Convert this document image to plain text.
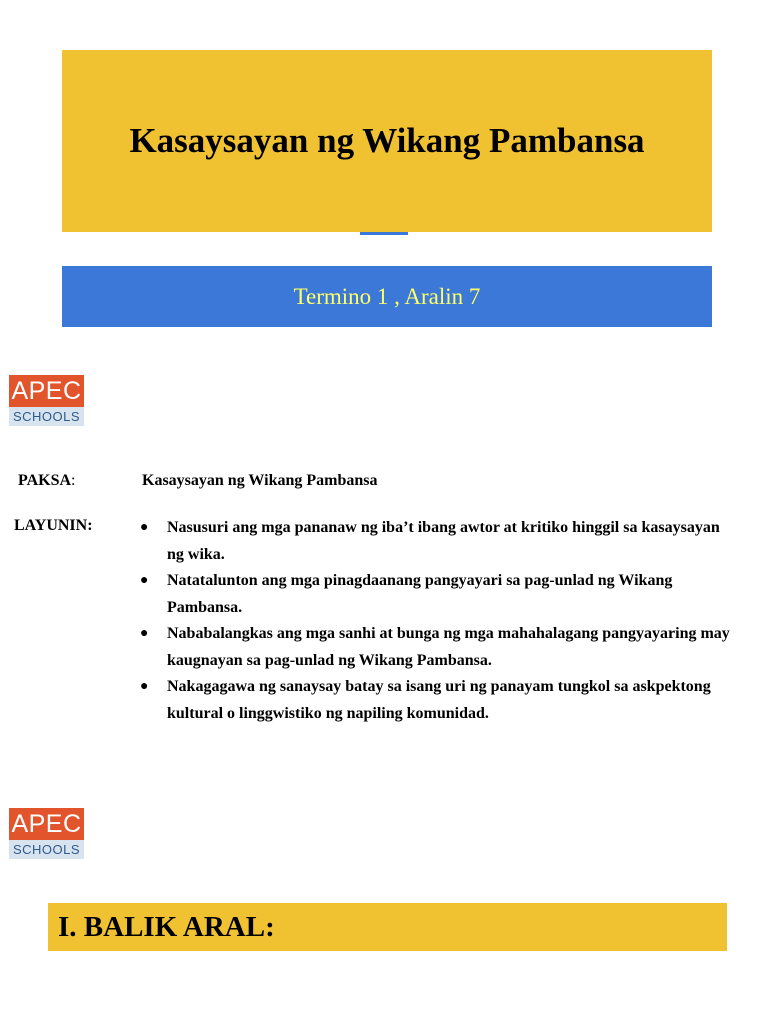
Kasaysayan ng Wikang Pambansa
Termino 1 , Aralin 7
APEC
SCHOOLS
PAKSA:	Kasaysayan ng Wikang Pambansa
LAYUNIN:	● Nasusuri ang mga pananaw ng iba’t ibang awtor at kritiko hinggil sa kasaysayan ng wika.
● Natatalunton ang mga pinagdaanang pangyayari sa pag-unlad ng Wikang Pambansa.
● Nababalangkas ang mga sanhi at bunga ng mga mahahalagang pangyayaring may kaugnayan sa pag-unlad ng Wikang Pambansa.
● Nakagagawa ng sanaysay batay sa isang uri ng panayam tungkol sa askpektong kultural o linggwistiko ng napiling komunidad.
APEC
SCHOOLS
I. BALIK ARAL:
